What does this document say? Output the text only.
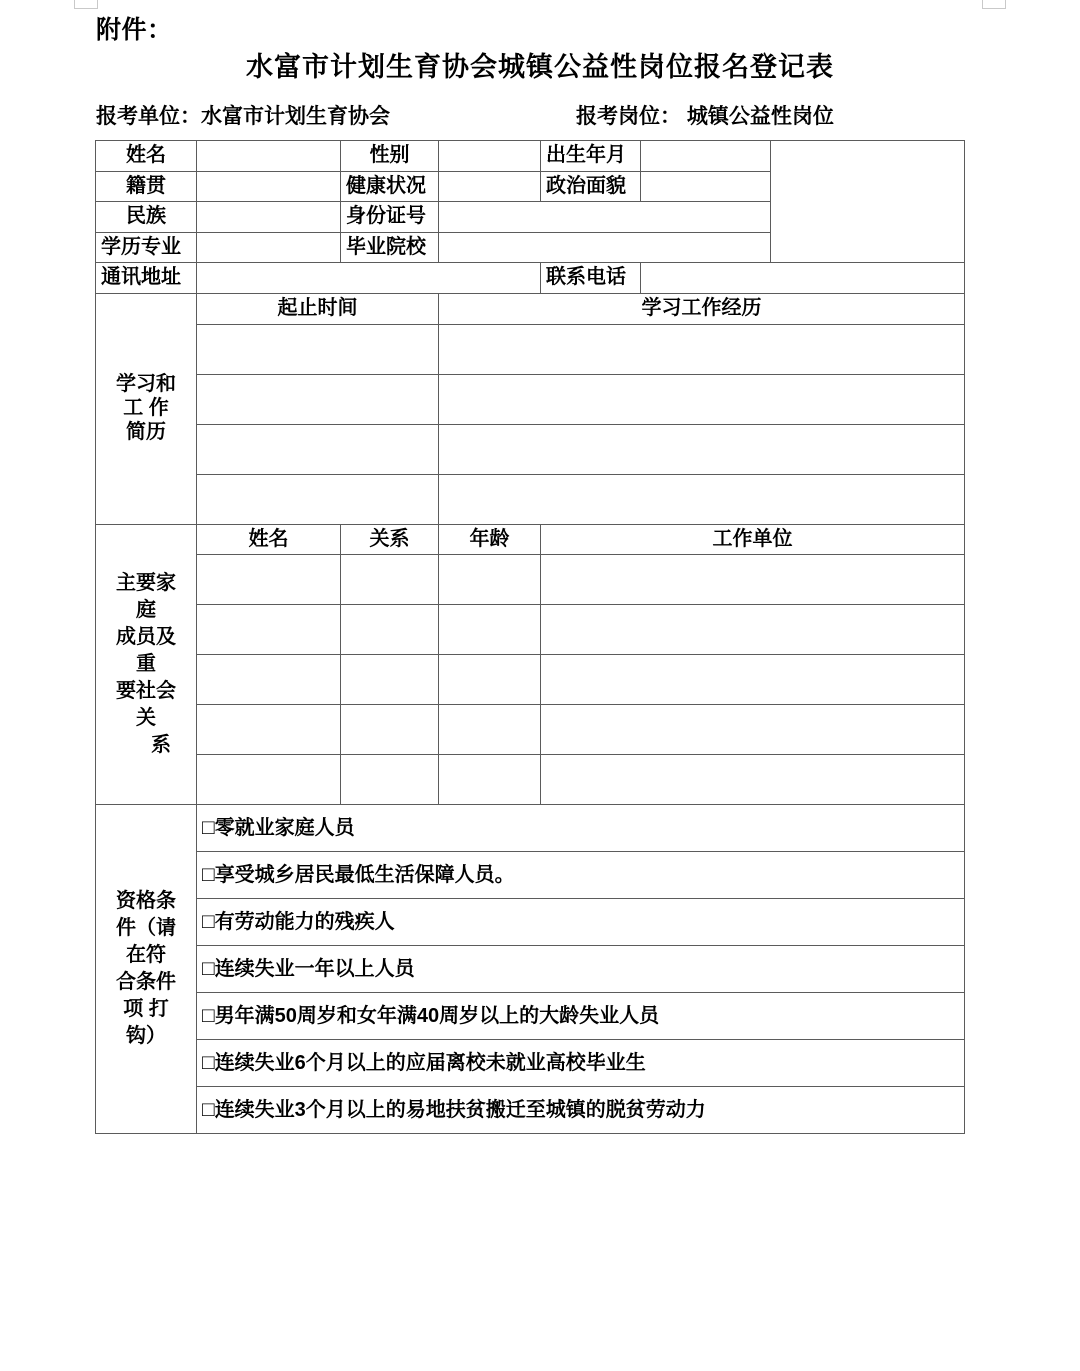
附件：
水富市计划生育协会城镇公益性岗位报名登记表
报考单位：水富市计划生育协会	报考岗位： 城镇公益性岗位
姓名		性别		出生年月		
籍贯		健康状况		政治面貌		
民族		身份证号				
学历专业		毕业院校				
通讯地址				联系电话		
学习和
工 作
简历	起止时间		学习工作经历			

主要家
庭
成员及
重
要社会
关
系	姓名	关系	年龄	工作单位

资格条
件（请
在符
合条件
项 打
钩）	□零就业家庭人员
	□享受城乡居民最低生活保障人员。					
	□有劳动能力的残疾人					
	□连续失业一年以上人员					
	□男年满50周岁和女年满40周岁以上的大龄失业人员					
	□连续失业6个月以上的应届离校未就业高校毕业生					
	□连续失业3个月以上的易地扶贫搬迁至城镇的脱贫劳动力					
